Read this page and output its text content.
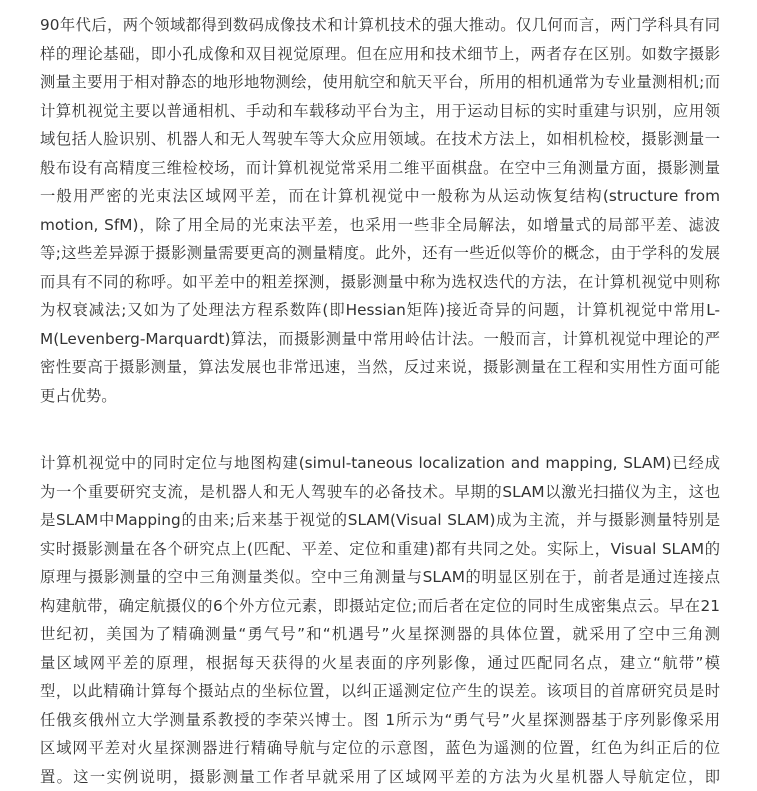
90年代后，两个领域都得到数码成像技术和计算机技术的强大推动。仅几何而言，两门学科具有同
样的理论基础，即小孔成像和双目视觉原理。但在应用和技术细节上，两者存在区别。如数字摄影
测量主要用于相对静态的地形地物测绘，使用航空和航天平台，所用的相机通常为专业量测相机;而
计算机视觉主要以普通相机、手动和车载移动平台为主，用于运动目标的实时重建与识别，应用领
域包括人脸识别、机器人和无人驾驶车等大众应用领域。在技术方法上，如相机检校，摄影测量一
般布设有高精度三维检校场，而计算机视觉常采用二维平面棋盘。在空中三角测量方面，摄影测量
一般用严密的光束法区域网平差，而在计算机视觉中一般称为从运动恢复结构(structure from
motion, SfM)，除了用全局的光束法平差，也采用一些非全局解法，如增量式的局部平差、滤波
等;这些差异源于摄影测量需要更高的测量精度。此外，还有一些近似等价的概念，由于学科的发展
而具有不同的称呼。如平差中的粗差探测，摄影测量中称为选权迭代的方法，在计算机视觉中则称
为权衰减法;又如为了处理法方程系数阵(即Hessian矩阵)接近奇异的问题，计算机视觉中常用L-
M(Levenberg-Marquardt)算法，而摄影测量中常用岭估计法。一般而言，计算机视觉中理论的严
密性要高于摄影测量，算法发展也非常迅速，当然，反过来说，摄影测量在工程和实用性方面可能
更占优势。
计算机视觉中的同时定位与地图构建(simul-taneous localization and mapping, SLAM)已经成
为一个重要研究支流，是机器人和无人驾驶车的必备技术。早期的SLAM以激光扫描仪为主，这也
是SLAM中Mapping的由来;后来基于视觉的SLAM(Visual SLAM)成为主流，并与摄影测量特别是
实时摄影测量在各个研究点上(匹配、平差、定位和重建)都有共同之处。实际上，Visual SLAM的
原理与摄影测量的空中三角测量类似。空中三角测量与SLAM的明显区别在于，前者是通过连接点
构建航带，确定航摄仪的6个外方位元素，即摄站定位;而后者在定位的同时生成密集点云。早在21
世纪初，美国为了精确测量“勇气号”和“机遇号”火星探测器的具体位置，就采用了空中三角测
量区域网平差的原理，根据每天获得的火星表面的序列影像，通过匹配同名点，建立“航带”模
型，以此精确计算每个摄站点的坐标位置，以纠正遥测定位产生的误差。该项目的首席研究员是时
任俄亥俄州立大学测量系教授的李荣兴博士。图 1所示为“勇气号”火星探测器基于序列影像采用
区域网平差对火星探测器进行精确导航与定位的示意图，蓝色为遥测的位置，红色为纠正后的位
置。这一实例说明，摄影测量工作者早就采用了区域网平差的方法为火星机器人导航定位，即
